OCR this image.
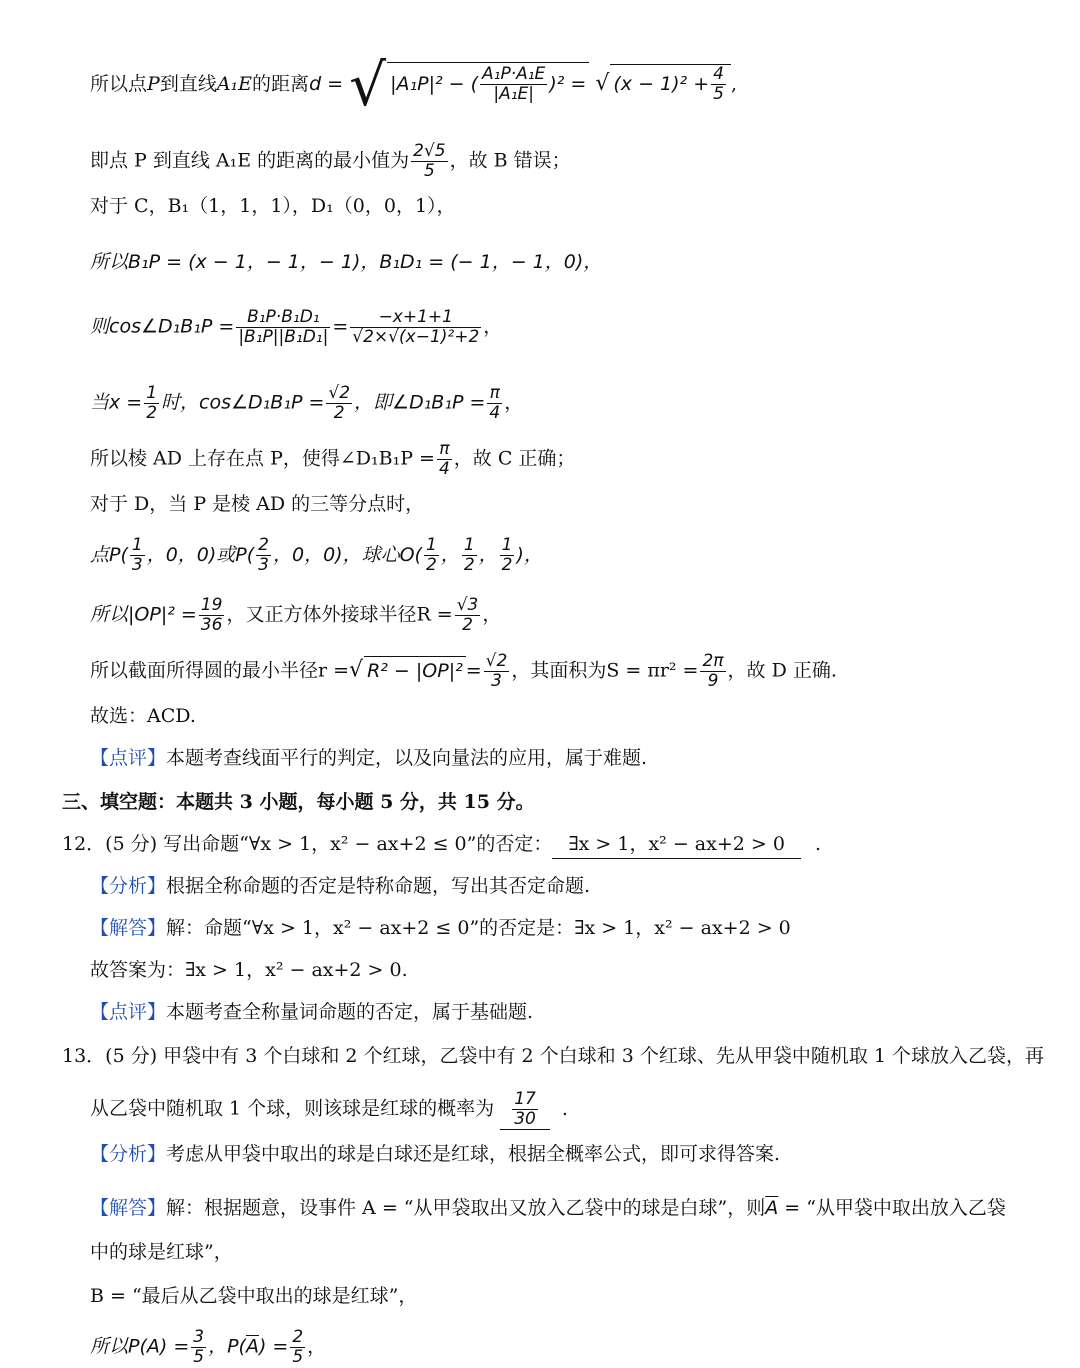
所以点P到直线A₁E的距离d = √ |A₁P|² − ( $\frac{\text{A₁P·A₁E}}{\text{|A₁E|}} )^2$ = √ $(x - 1)^2 + \frac{4}{5}$ ,
即点 P 到直线 A₁E 的距离的最小值为 $\frac{2√5}{5}$ ，故 B 错误；
对于 C，B₁（1，1，1），D₁（0，0，1），
所以B₁P = (x − 1，− 1，− 1)，B₁D₁ = (− 1，− 1，0)，
则cos∠D₁B₁P = $\frac{\text{B₁P·B₁D₁}}{\text{|B₁P||B₁D₁|}} = \frac{-x+1+1}{\text{√2×√(x−1)²+2}}$ ，
当$x = \frac{1}{2}$ 时，cos∠D₁B₁P = $\frac{√2}{2}$ ，即∠D₁B₁P = $\frac{\pi}{4}$ ，
所以棱 AD 上存在点 P，使得∠D₁B₁P = $\frac{\pi}{4}$ ，故 C 正确；
对于 D，当 P 是棱 AD 的三等分点时，
点$P( \frac{1}{3}$ ，0，0)或$P( \frac{2}{3}$ ，0，0)，球心$O( \frac{1}{2}$ ， $\frac{1}{2}$ ， $\frac{1}{2}$ )，
所以$|OP|^2 = \frac{19}{36}$ ，又正方体外接球半径$R = \frac{√3}{2}$ ，
所以截面所得圆的最小半径r =√ $R^2 - |OP|^2 = \frac{√2}{3}$ ，其面积为$S = \pi r^2 = \frac{2\pi}{9}$ ，故 D 正确.
故选：ACD.
【点评】本题考查线面平行的判定，以及向量法的应用，属于难题.
三、填空题：本题共 3 小题，每小题 5 分，共 15 分。
12．(5 分) 写出命题“∀x > 1，x² − ax+2 ≤ 0”的否定： ∃x > 1，x² − ax+2 > 0 .
【分析】根据全称命题的否定是特称命题，写出其否定命题.
【解答】解：命题“∀x > 1，x² − ax+2 ≤ 0”的否定是：∃x > 1，x² − ax+2 > 0
故答案为：∃x > 1，x² − ax+2 > 0.
【点评】本题考查全称量词命题的否定，属于基础题.
13．(5 分) 甲袋中有 3 个白球和 2 个红球，乙袋中有 2 个白球和 3 个红球、先从甲袋中随机取 1 个球放入乙袋，再
从乙袋中随机取 1 个球，则该球是红球的概率为 $\frac{17}{30}$ .
【分析】考虑从甲袋中取出的球是白球还是红球，根据全概率公式，即可求得答案.
【解答】解：根据题意，设事件 A = “从甲袋取出又放入乙袋中的球是白球”，则$\overline{A}$ = “从甲袋中取出放入乙袋
中的球是红球”，
B = “最后从乙袋中取出的球是红球”，
所以$P(A) = \frac{3}{5}$ ，$P(\overline{A}) = \frac{2}{5}$ ，
